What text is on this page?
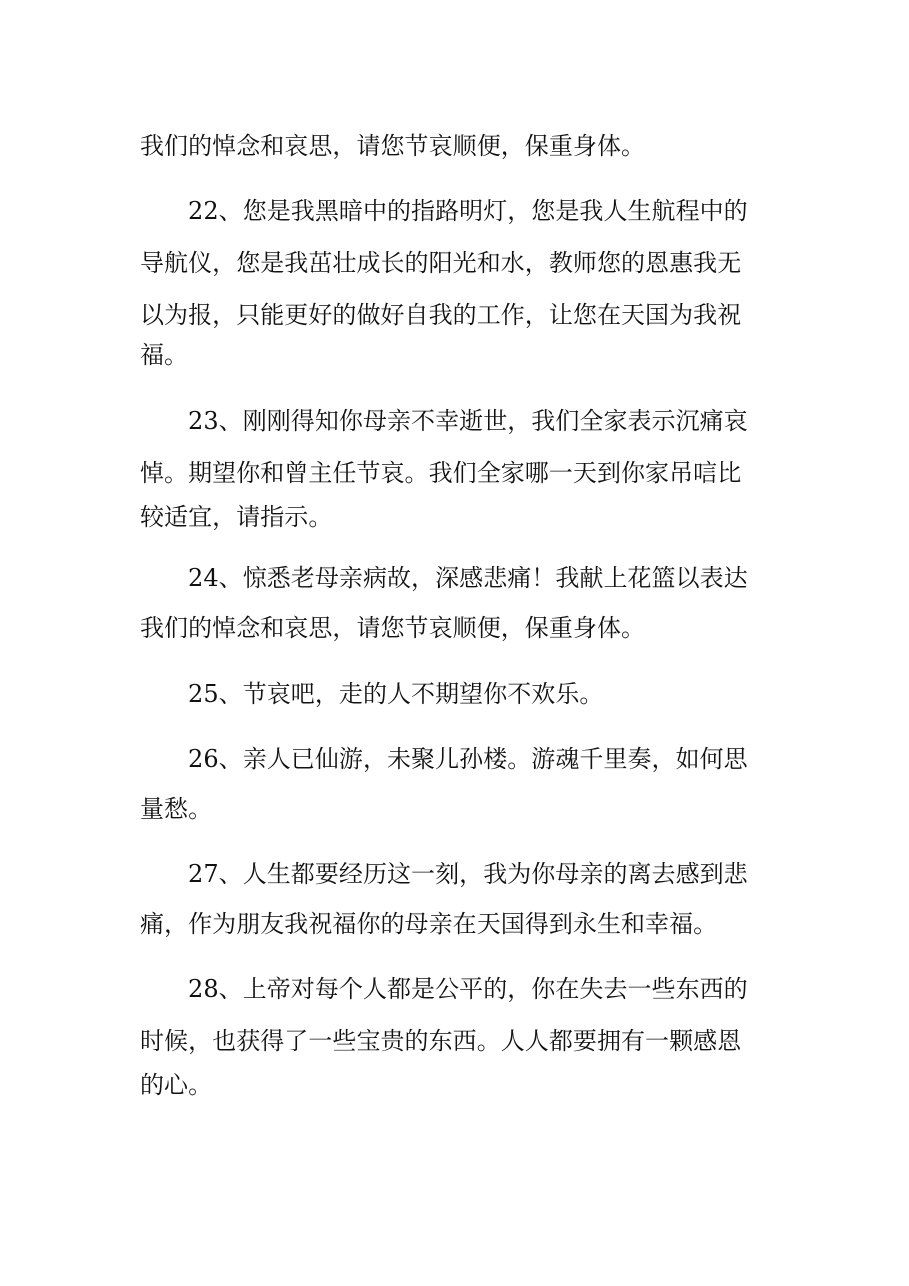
我们的悼念和哀思，请您节哀顺便，保重身体。
22、您是我黑暗中的指路明灯，您是我人生航程中的
导航仪，您是我茁壮成长的阳光和水，教师您的恩惠我无
以为报，只能更好的做好自我的工作，让您在天国为我祝
福。
23、刚刚得知你母亲不幸逝世，我们全家表示沉痛哀
悼。期望你和曾主任节哀。我们全家哪一天到你家吊唁比
较适宜，请指示。
24、惊悉老母亲病故，深感悲痛！我献上花篮以表达
我们的悼念和哀思，请您节哀顺便，保重身体。
25、节哀吧，走的人不期望你不欢乐。
26、亲人已仙游，未聚儿孙楼。游魂千里奏，如何思
量愁。
27、人生都要经历这一刻，我为你母亲的离去感到悲
痛，作为朋友我祝福你的母亲在天国得到永生和幸福。
28、上帝对每个人都是公平的，你在失去一些东西的
时候，也获得了一些宝贵的东西。人人都要拥有一颗感恩
的心。
